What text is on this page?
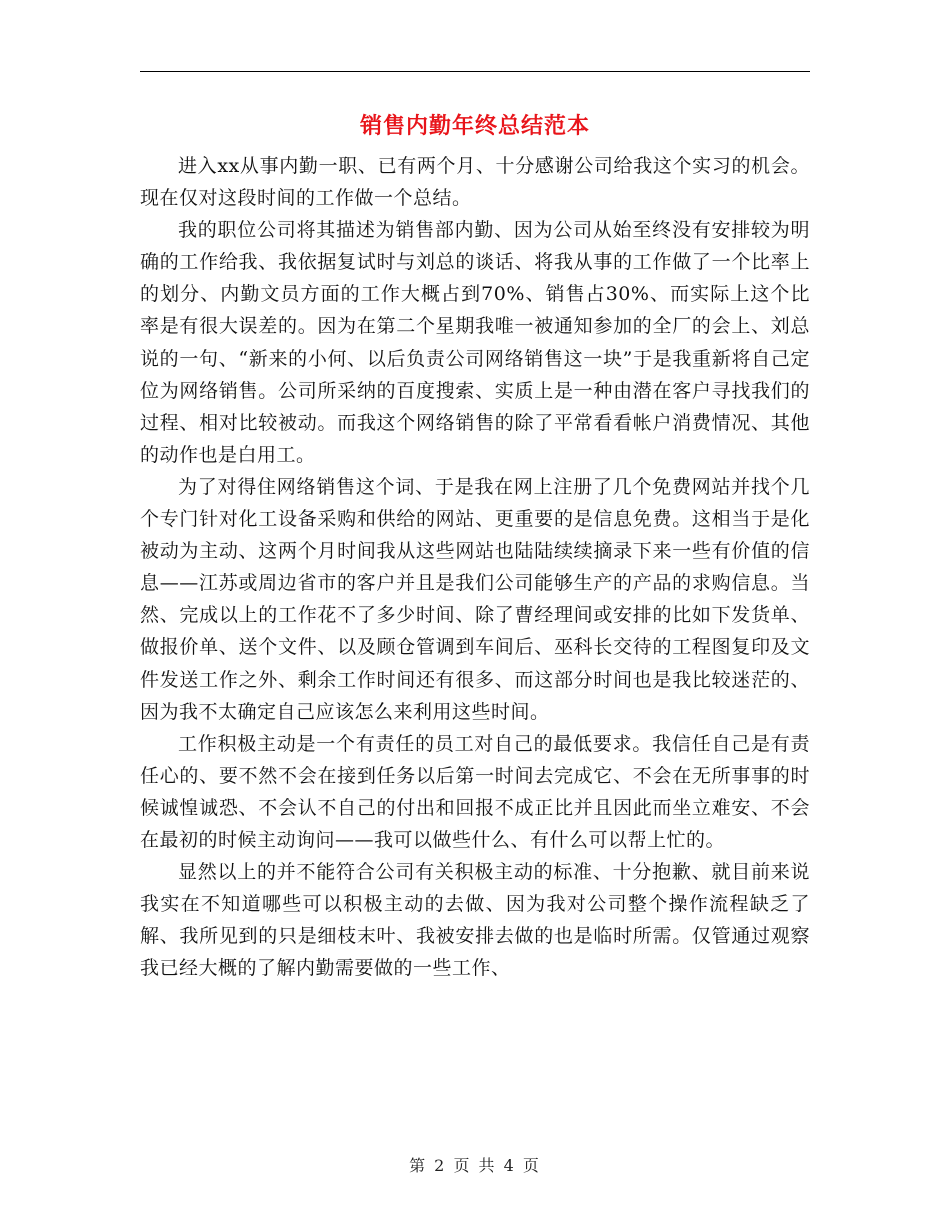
销售内勤年终总结范本

进入xx从事内勤一职、已有两个月、十分感谢公司给我这个实习的机会。现在仅对这段时间的工作做一个总结。

我的职位公司将其描述为销售部内勤、因为公司从始至终没有安排较为明确的工作给我、我依据复试时与刘总的谈话、将我从事的工作做了一个比率上的划分、内勤文员方面的工作大概占到70%、销售占30%、而实际上这个比率是有很大误差的。因为在第二个星期我唯一被通知参加的全厂的会上、刘总说的一句、“新来的小何、以后负责公司网络销售这一块”于是我重新将自己定位为网络销售。公司所采纳的百度搜索、实质上是一种由潜在客户寻找我们的过程、相对比较被动。而我这个网络销售的除了平常看看帐户消费情况、其他的动作也是白用工。

为了对得住网络销售这个词、于是我在网上注册了几个免费网站并找个几个专门针对化工设备采购和供给的网站、更重要的是信息免费。这相当于是化被动为主动、这两个月时间我从这些网站也陆陆续续摘录下来一些有价值的信息——江苏或周边省市的客户并且是我们公司能够生产的产品的求购信息。当然、完成以上的工作花不了多少时间、除了曹经理间或安排的比如下发货单、做报价单、送个文件、以及顾仓管调到车间后、巫科长交待的工程图复印及文件发送工作之外、剩余工作时间还有很多、而这部分时间也是我比较迷茫的、因为我不太确定自己应该怎么来利用这些时间。

工作积极主动是一个有责任的员工对自己的最低要求。我信任自己是有责任心的、要不然不会在接到任务以后第一时间去完成它、不会在无所事事的时候诚惶诚恐、不会认不自己的付出和回报不成正比并且因此而坐立难安、不会在最初的时候主动询问——我可以做些什么、有什么可以帮上忙的。

显然以上的并不能符合公司有关积极主动的标准、十分抱歉、就目前来说我实在不知道哪些可以积极主动的去做、因为我对公司整个操作流程缺乏了解、我所见到的只是细枝末叶、我被安排去做的也是临时所需。仅管通过观察我已经大概的了解内勤需要做的一些工作、

第 2 页 共 4 页
